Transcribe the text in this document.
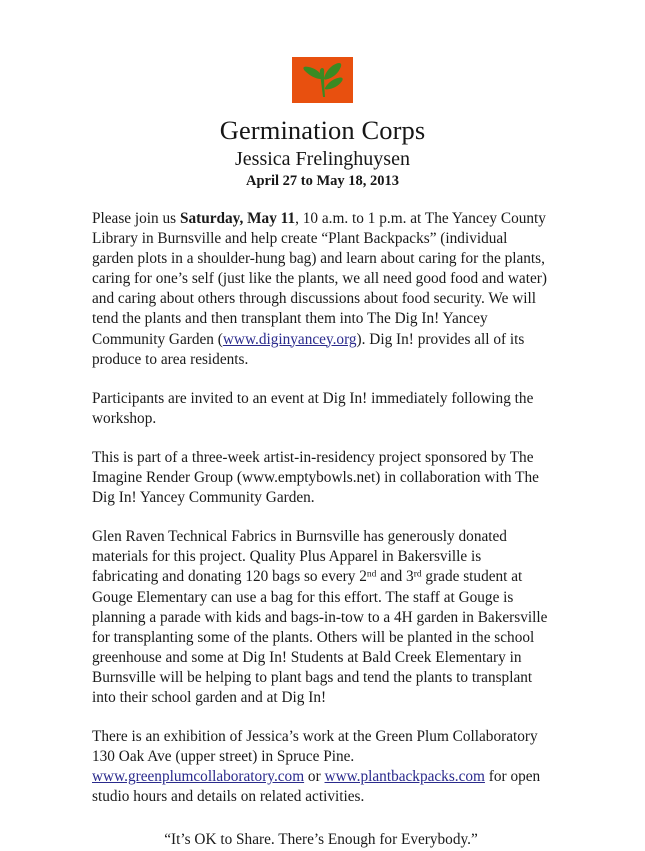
Germination Corps
Jessica Frelinghuysen
April 27 to May 18, 2013

Please join us Saturday, May 11, 10 a.m. to 1 p.m. at The Yancey County Library in Burnsville and help create “Plant Backpacks” (individual garden plots in a shoulder-hung bag) and learn about caring for the plants, caring for one’s self (just like the plants, we all need good food and water) and caring about others through discussions about food security. We will tend the plants and then transplant them into The Dig In! Yancey Community Garden (www.diginyancey.org). Dig In! provides all of its produce to area residents.

Participants are invited to an event at Dig In! immediately following the workshop.

This is part of a three-week artist-in-residency project sponsored by The Imagine Render Group (www.emptybowls.net) in collaboration with The Dig In! Yancey Community Garden.

Glen Raven Technical Fabrics in Burnsville has generously donated materials for this project. Quality Plus Apparel in Bakersville is fabricating and donating 120 bags so every 2nd and 3rd grade student at Gouge Elementary can use a bag for this effort. The staff at Gouge is planning a parade with kids and bags-in-tow to a 4H garden in Bakersville for transplanting some of the plants. Others will be planted in the school greenhouse and some at Dig In! Students at Bald Creek Elementary in Burnsville will be helping to plant bags and tend the plants to transplant into their school garden and at Dig In!

There is an exhibition of Jessica’s work at the Green Plum Collaboratory 130 Oak Ave (upper street) in Spruce Pine.
www.greenplumcollaboratory.com or www.plantbackpacks.com for open studio hours and details on related activities.

“It’s OK to Share. There’s Enough for Everybody.”
